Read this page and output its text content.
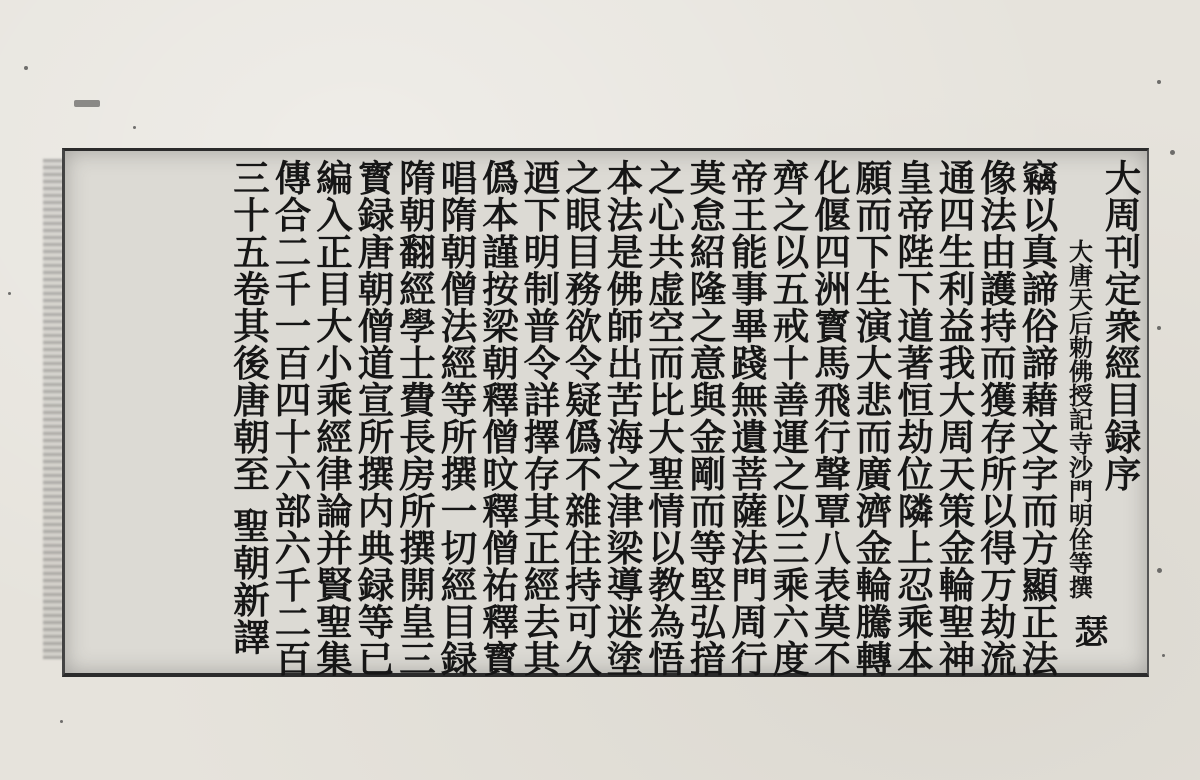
大周刊定衆經目録序
大唐天后勅佛授記寺沙門明佺等撰
瑟
竊以真諦俗諦藉文字而方顯正法
像法由護持而獲存所以得万劫流
通四生利益我大周天策金輪聖神
皇帝陛下道著恒劫位隣上忍乘本
願而下生演大悲而廣濟金輪騰轉
化偃四洲寳馬飛行聲覃八表莫不
齊之以五戒十善運之以三乘六度
帝王能事畢踐無遺菩薩法門周行
莫怠紹隆之意與金剛而等堅弘揞
之心共虚空而比大聖情以教為悟
本法是佛師出苦海之津梁導迷塗
之眼目務欲令疑僞不雜住持可久
迺下明制普令詳擇存其正經去其
僞本謹按梁朝釋僧旼釋僧祐釋寳
唱隋朝僧法經等所撰一切經目録
隋朝翻經學士費長房所撰開皇三
寳録唐朝僧道宣所撰内典録等已
編入正目大小乘經律論并賢聖集
傳合二千一百四十六部六千二百
三十五卷其後唐朝至
聖朝新譯
